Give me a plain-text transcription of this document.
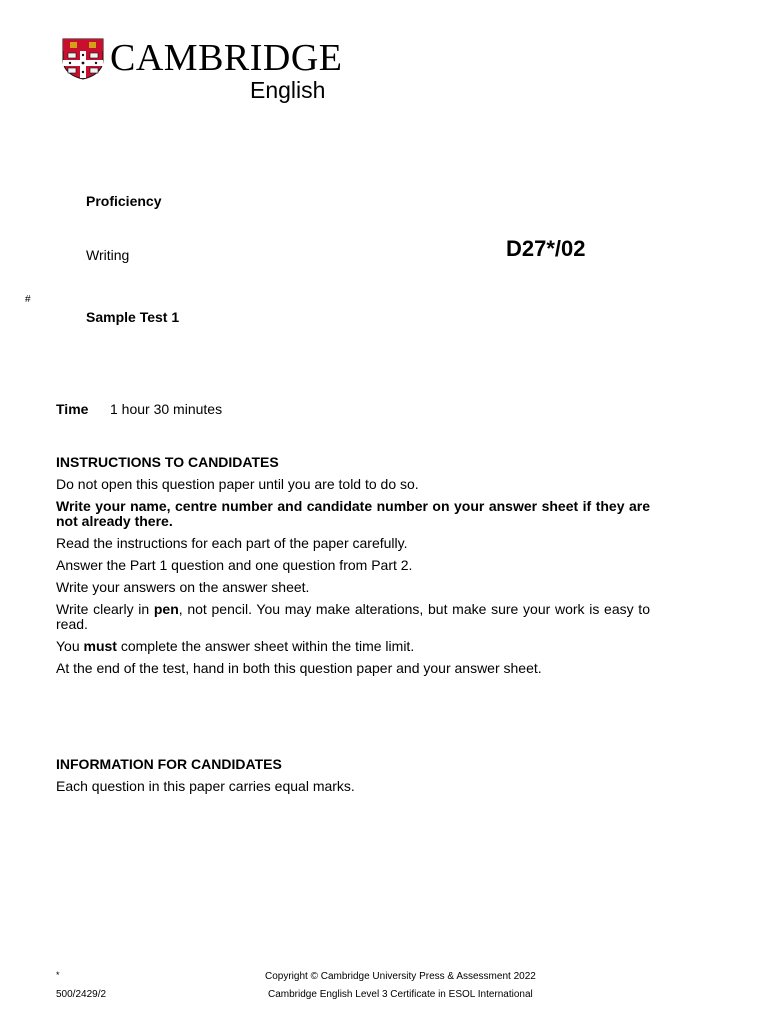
CAMBRIDGE
English
Proficiency
Writing	D27*/02
#
Sample Test 1
Time 1 hour 30 minutes
INSTRUCTIONS TO CANDIDATES

Do not open this question paper until you are told to do so.

Write your name, centre number and candidate number on your answer sheet if they are not already there.

Read the instructions for each part of the paper carefully.

Answer the Part 1 question and one question from Part 2.

Write your answers on the answer sheet.

Write clearly in pen, not pencil. You may make alterations, but make sure your work is easy to read.

You must complete the answer sheet within the time limit.

At the end of the test, hand in both this question paper and your answer sheet.

INFORMATION FOR CANDIDATES

Each question in this paper carries equal marks.

*
500/2429/2
Copyright © Cambridge University Press & Assessment 2022
Cambridge English Level 3 Certificate in ESOL International
